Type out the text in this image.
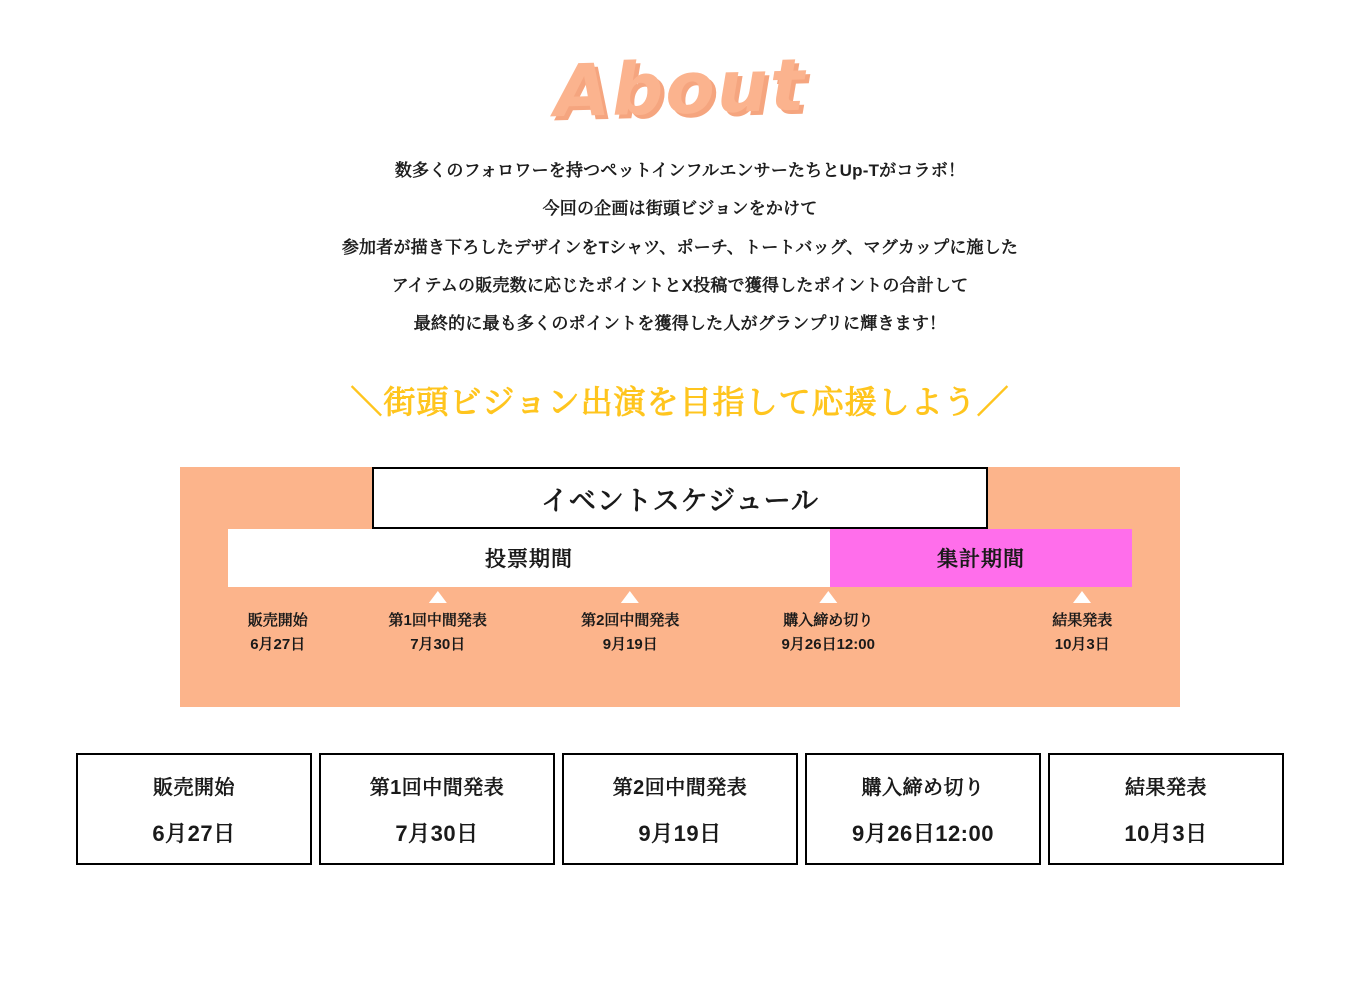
About
数多くのフォロワーを持つペットインフルエンサーたちとUp-Tがコラボ！
今回の企画は街頭ビジョンをかけて
参加者が描き下ろしたデザインをTシャツ、ポーチ、トートバッグ、マグカップに施した
アイテムの販売数に応じたポイントとX投稿で獲得したポイントの合計して
最終的に最も多くのポイントを獲得した人がグランプリに輝きます！
＼街頭ビジョン出演を目指して応援しよう／
イベントスケジュール
投票期間	集計期間
販売開始
6月27日
第1回中間発表
7月30日
第2回中間発表
9月19日
購入締め切り
9月26日12:00
結果発表
10月3日
販売開始
6月27日
第1回中間発表
7月30日
第2回中間発表
9月19日
購入締め切り
9月26日12:00
結果発表
10月3日
